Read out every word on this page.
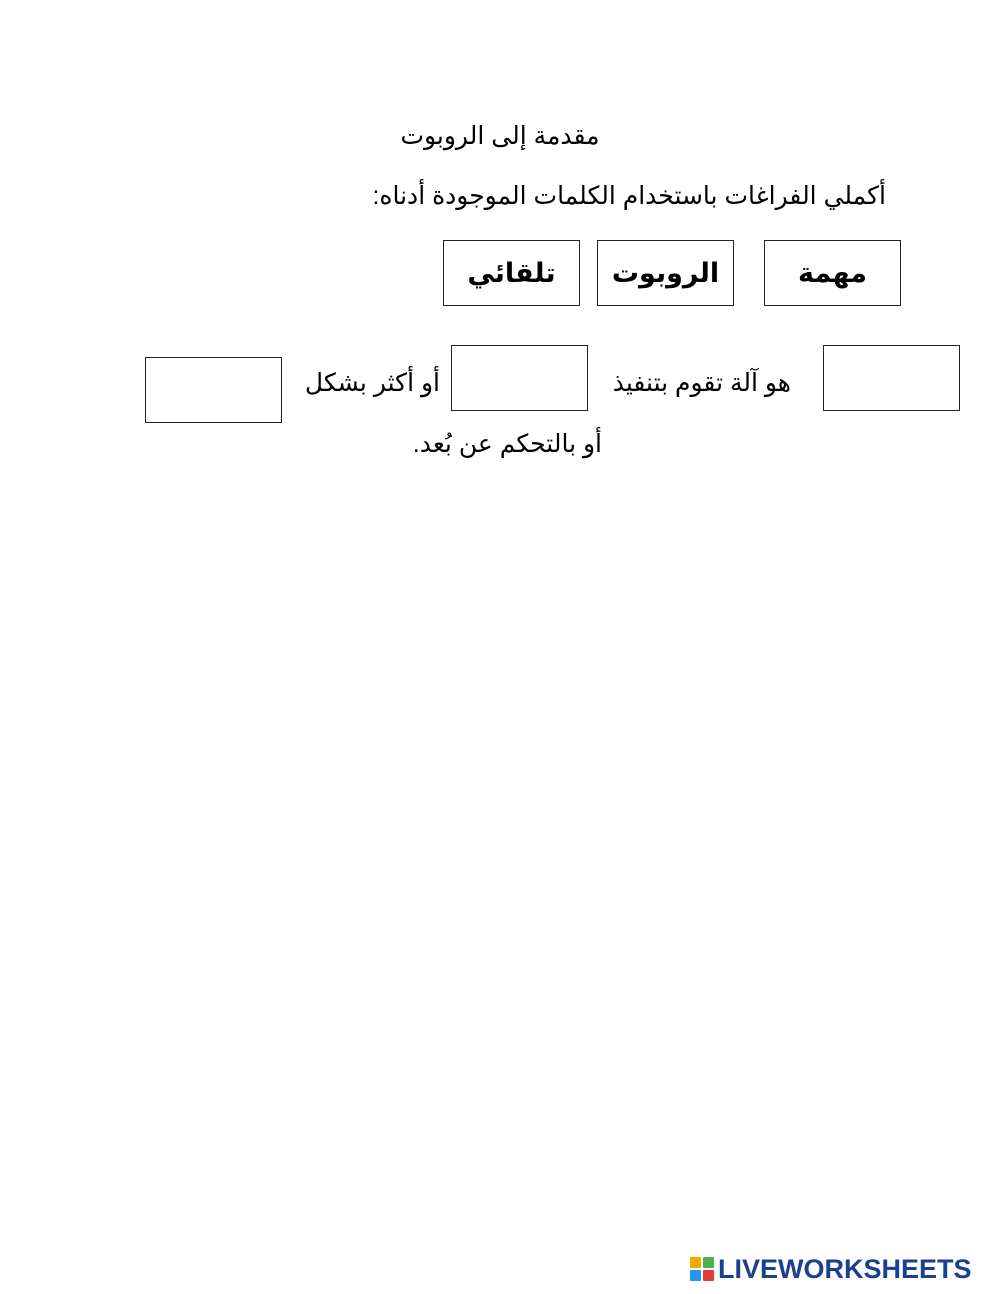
مقدمة إلى الروبوت
أكملي الفراغات باستخدام الكلمات الموجودة أدناه:
مهمة
الروبوت
تلقائي
هو آلة تقوم بتنفيذ
أو أكثر بشكل
أو بالتحكم عن بُعد.
LIVEWORKSHEETS
